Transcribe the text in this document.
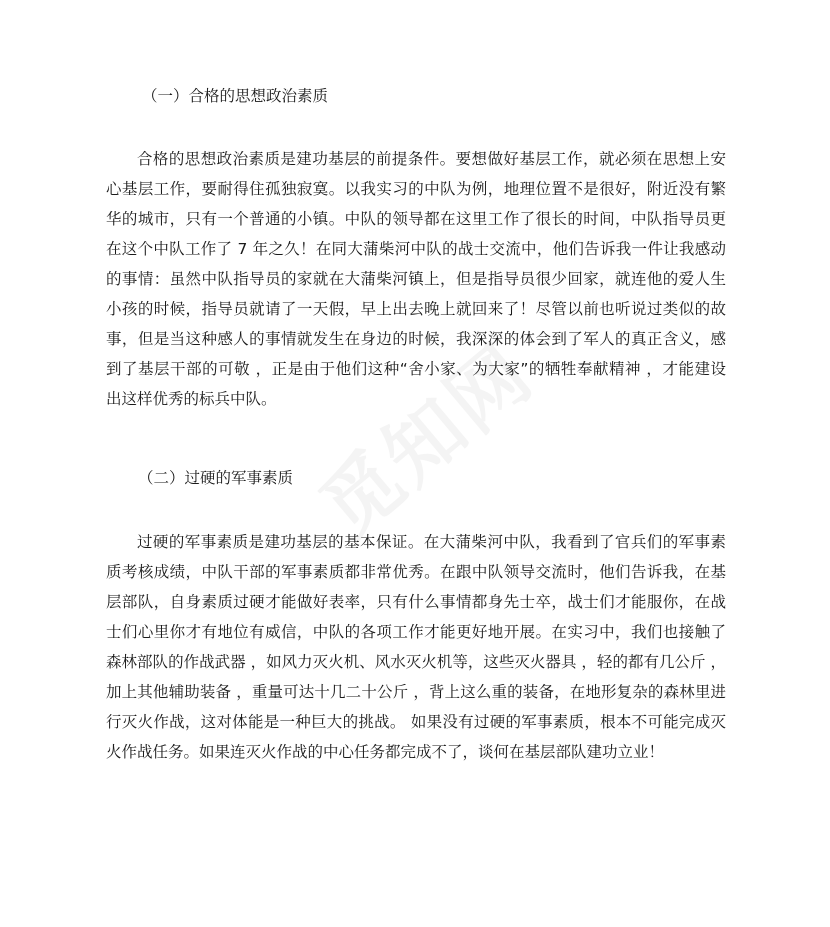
（一）合格的思想政治素质
合格的思想政治素质是建功基层的前提条件。要想做好基层工作，就必须在思想上安
心基层工作，要耐得住孤独寂寞。以我实习的中队为例，地理位置不是很好，附近没有繁
华的城市，只有一个普通的小镇。中队的领导都在这里工作了很长的时间，中队指导员更
在这个中队工作了 7 年之久！在同大蒲柴河中队的战士交流中，他们告诉我一件让我感动
的事情：虽然中队指导员的家就在大蒲柴河镇上，但是指导员很少回家，就连他的爱人生
小孩的时候，指导员就请了一天假，早上出去晚上就回来了！尽管以前也听说过类似的故
事，但是当这种感人的事情就发生在身边的时候，我深深的体会到了军人的真正含义，感
到了基层干部的可敬 ，正是由于他们这种“舍小家、为大家”的牺牲奉献精神 ，才能建设
出这样优秀的标兵中队。
（二）过硬的军事素质
过硬的军事素质是建功基层的基本保证。在大蒲柴河中队，我看到了官兵们的军事素
质考核成绩，中队干部的军事素质都非常优秀。在跟中队领导交流时，他们告诉我，在基
层部队，自身素质过硬才能做好表率，只有什么事情都身先士卒，战士们才能服你，在战
士们心里你才有地位有威信，中队的各项工作才能更好地开展。在实习中，我们也接触了
森林部队的作战武器 ，如风力灭火机、风水灭火机等，这些灭火器具 ，轻的都有几公斤 ，
加上其他辅助装备 ，重量可达十几二十公斤 ，背上这么重的装备，在地形复杂的森林里进
行灭火作战，这对体能是一种巨大的挑战。 如果没有过硬的军事素质，根本不可能完成灭
火作战任务。如果连灭火作战的中心任务都完成不了，谈何在基层部队建功立业！
